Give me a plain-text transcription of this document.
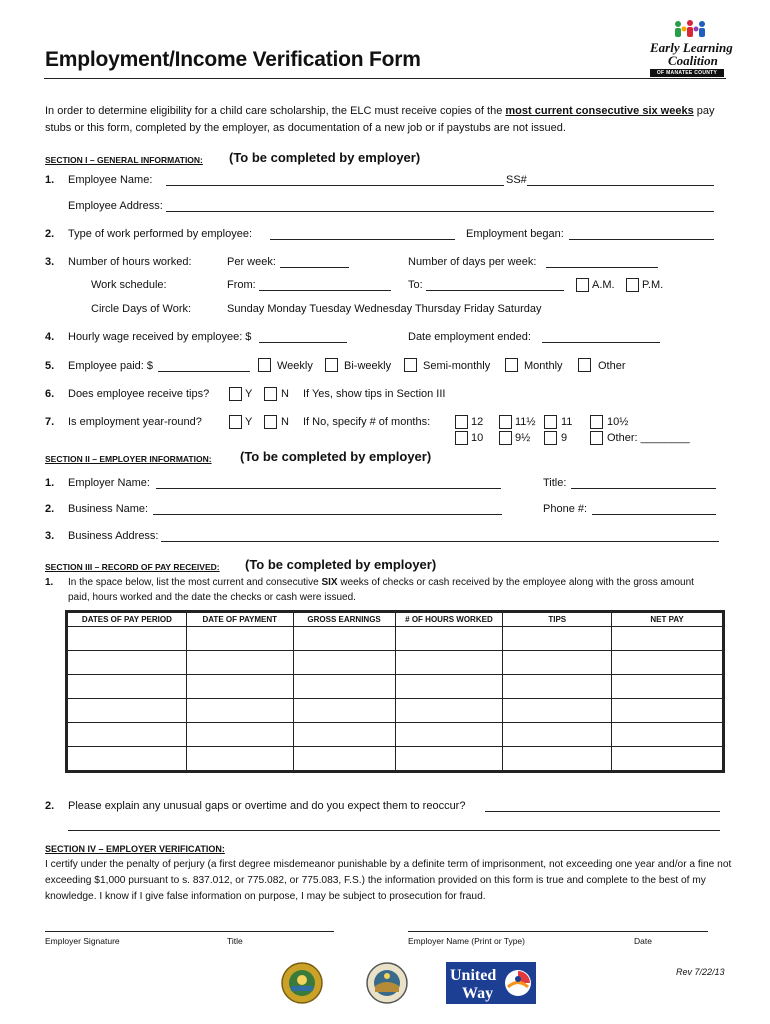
Employment/Income Verification Form
Early Learning
Coalition
OF MANATEE COUNTY
In order to determine eligibility for a child care scholarship, the ELC must receive copies of the most current consecutive six weeks pay stubs or this form, completed by the employer, as documentation of a new job or if paystubs are not issued.
SECTION I – GENERAL INFORMATION: (To be completed by employer)
1. Employee Name:	SS#
Employee Address:
2. Type of work performed by employee:	Employment began:
3. Number of hours worked:	Per week:	Number of days per week:
Work schedule:	From:	To:	A.M. P.M.
Circle Days of Work:	Sunday Monday Tuesday Wednesday Thursday Friday Saturday
4. Hourly wage received by employee: $	Date employment ended:
5. Employee paid: $	Weekly	Bi-weekly	Semi-monthly	Monthly	Other
6. Does employee receive tips?	Y	N If Yes, show tips in Section III
7. Is employment year-round?	Y	N If No, specify # of months:	12	11½ 11	10½
10	9½	9	Other: ________
SECTION II – EMPLOYER INFORMATION: (To be completed by employer)
1. Employer Name:	Title:
2. Business Name:	Phone #:
3. Business Address:
SECTION III – RECORD OF PAY RECEIVED: (To be completed by employer)
1. In the space below, list the most current and consecutive SIX weeks of checks or cash received by the employee along with the gross amount
paid, hours worked and the date the checks or cash were issued.
DATES OF PAY PERIOD	DATE OF PAYMENT	GROSS EARNINGS	# OF HOURS WORKED	TIPS	NET PAY

2. Please explain any unusual gaps or overtime and do you expect them to reoccur?
SECTION IV – EMPLOYER VERIFICATION:
I certify under the penalty of perjury (a first degree misdemeanor punishable by a definite term of imprisonment, not exceeding one year and/or a fine not exceeding $1,000 pursuant to s. 837.012, or 775.082, or 775.083, F.S.) the information provided on this form is true and complete to the best of my knowledge. I know if I give false information on purpose, I may be subject to prosecution for fraud.
Employer Signature	Title	Employer Name (Print or Type)	Date
United
Way
Rev 7/22/13
